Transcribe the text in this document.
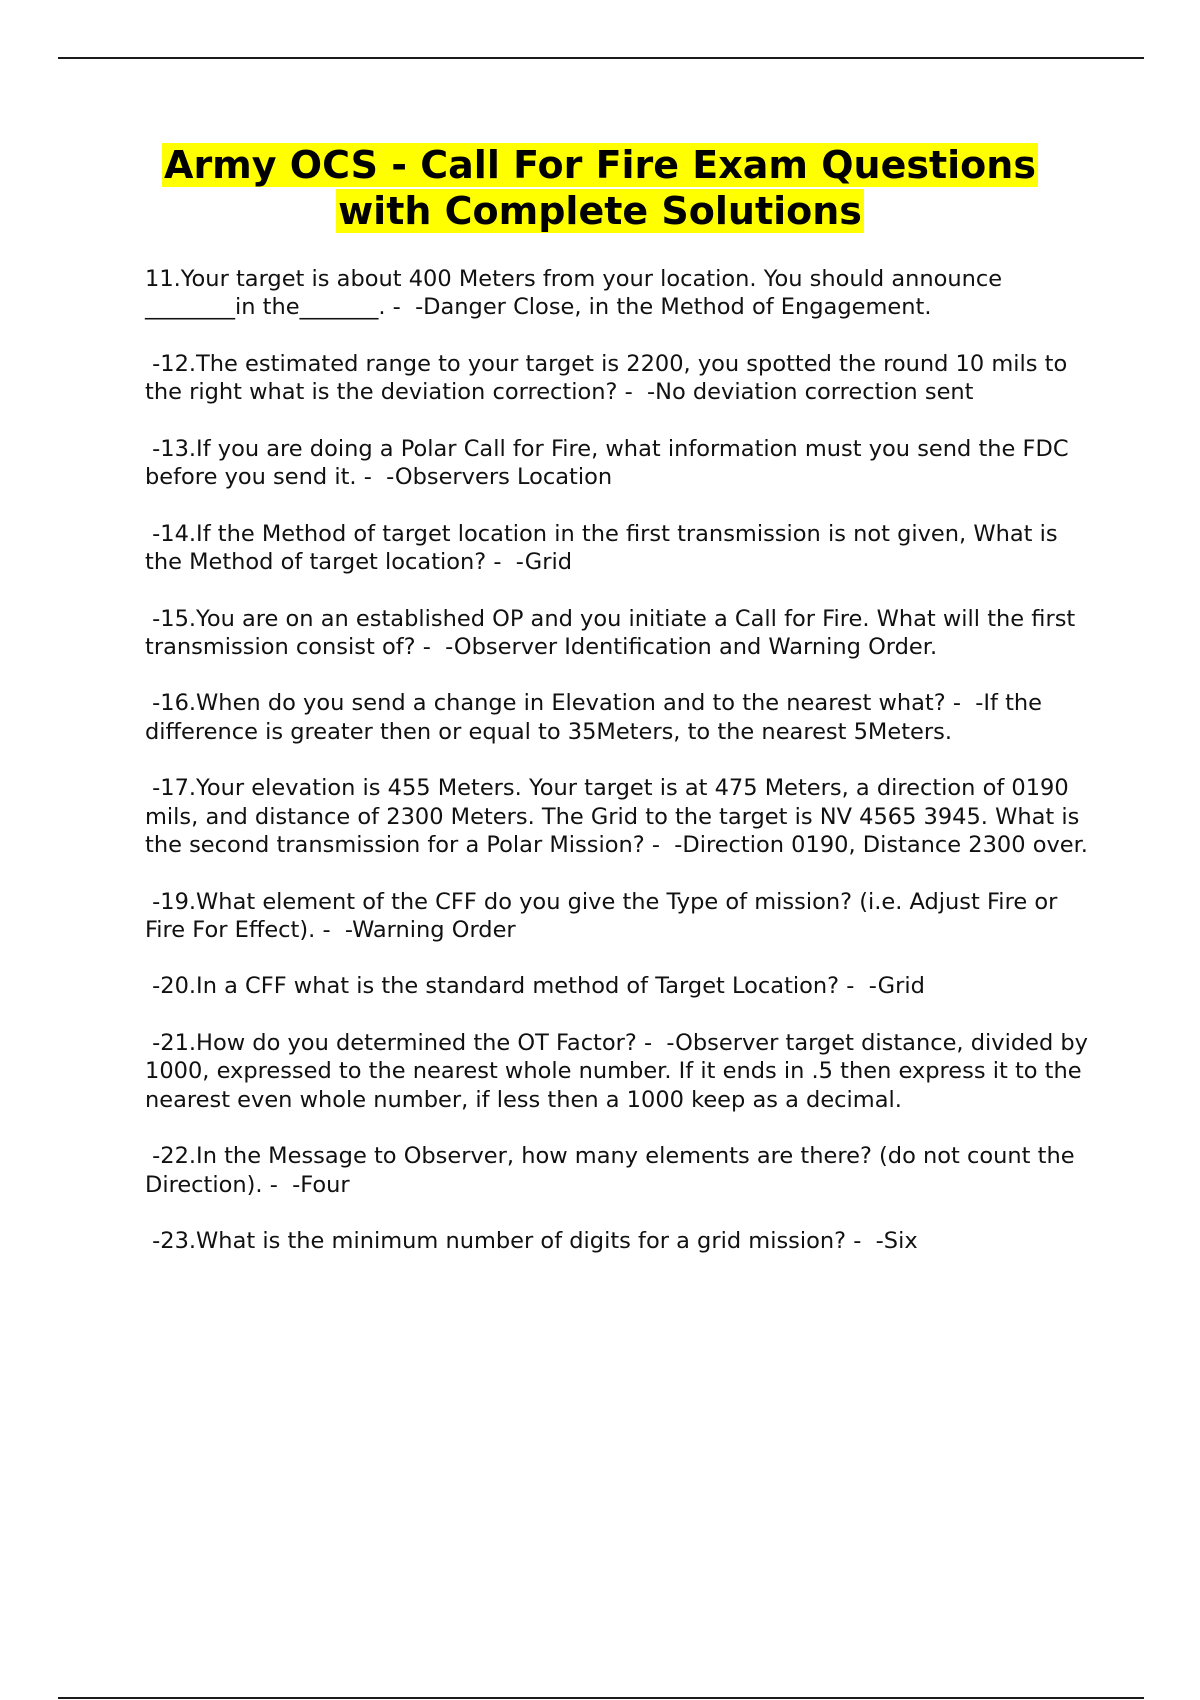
Army OCS - Call For Fire Exam Questions
with Complete Solutions
11.Your target is about 400 Meters from your location. You should announce ________in the_______. -  -Danger Close, in the Method of Engagement.
-12.The estimated range to your target is 2200, you spotted the round 10 mils to the right what is the deviation correction? -  -No deviation correction sent
-13.If you are doing a Polar Call for Fire, what information must you send the FDC before you send it. -  -Observers Location
-14.If the Method of target location in the first transmission is not given, What is the Method of target location? -  -Grid
-15.You are on an established OP and you initiate a Call for Fire. What will the first transmission consist of? -  -Observer Identification and Warning Order.
-16.When do you send a change in Elevation and to the nearest what? -  -If the difference is greater then or equal to 35Meters, to the nearest 5Meters.
-17.Your elevation is 455 Meters. Your target is at 475 Meters, a direction of 0190 mils, and distance of 2300 Meters. The Grid to the target is NV 4565 3945. What is the second transmission for a Polar Mission? -  -Direction 0190, Distance 2300 over.
-19.What element of the CFF do you give the Type of mission? (i.e. Adjust Fire or Fire For Effect). -  -Warning Order
-20.In a CFF what is the standard method of Target Location? -  -Grid
-21.How do you determined the OT Factor? -  -Observer target distance, divided by 1000, expressed to the nearest whole number. If it ends in .5 then express it to the nearest even whole number, if less then a 1000 keep as a decimal.
-22.In the Message to Observer, how many elements are there? (do not count the Direction). -  -Four
-23.What is the minimum number of digits for a grid mission? -  -Six
